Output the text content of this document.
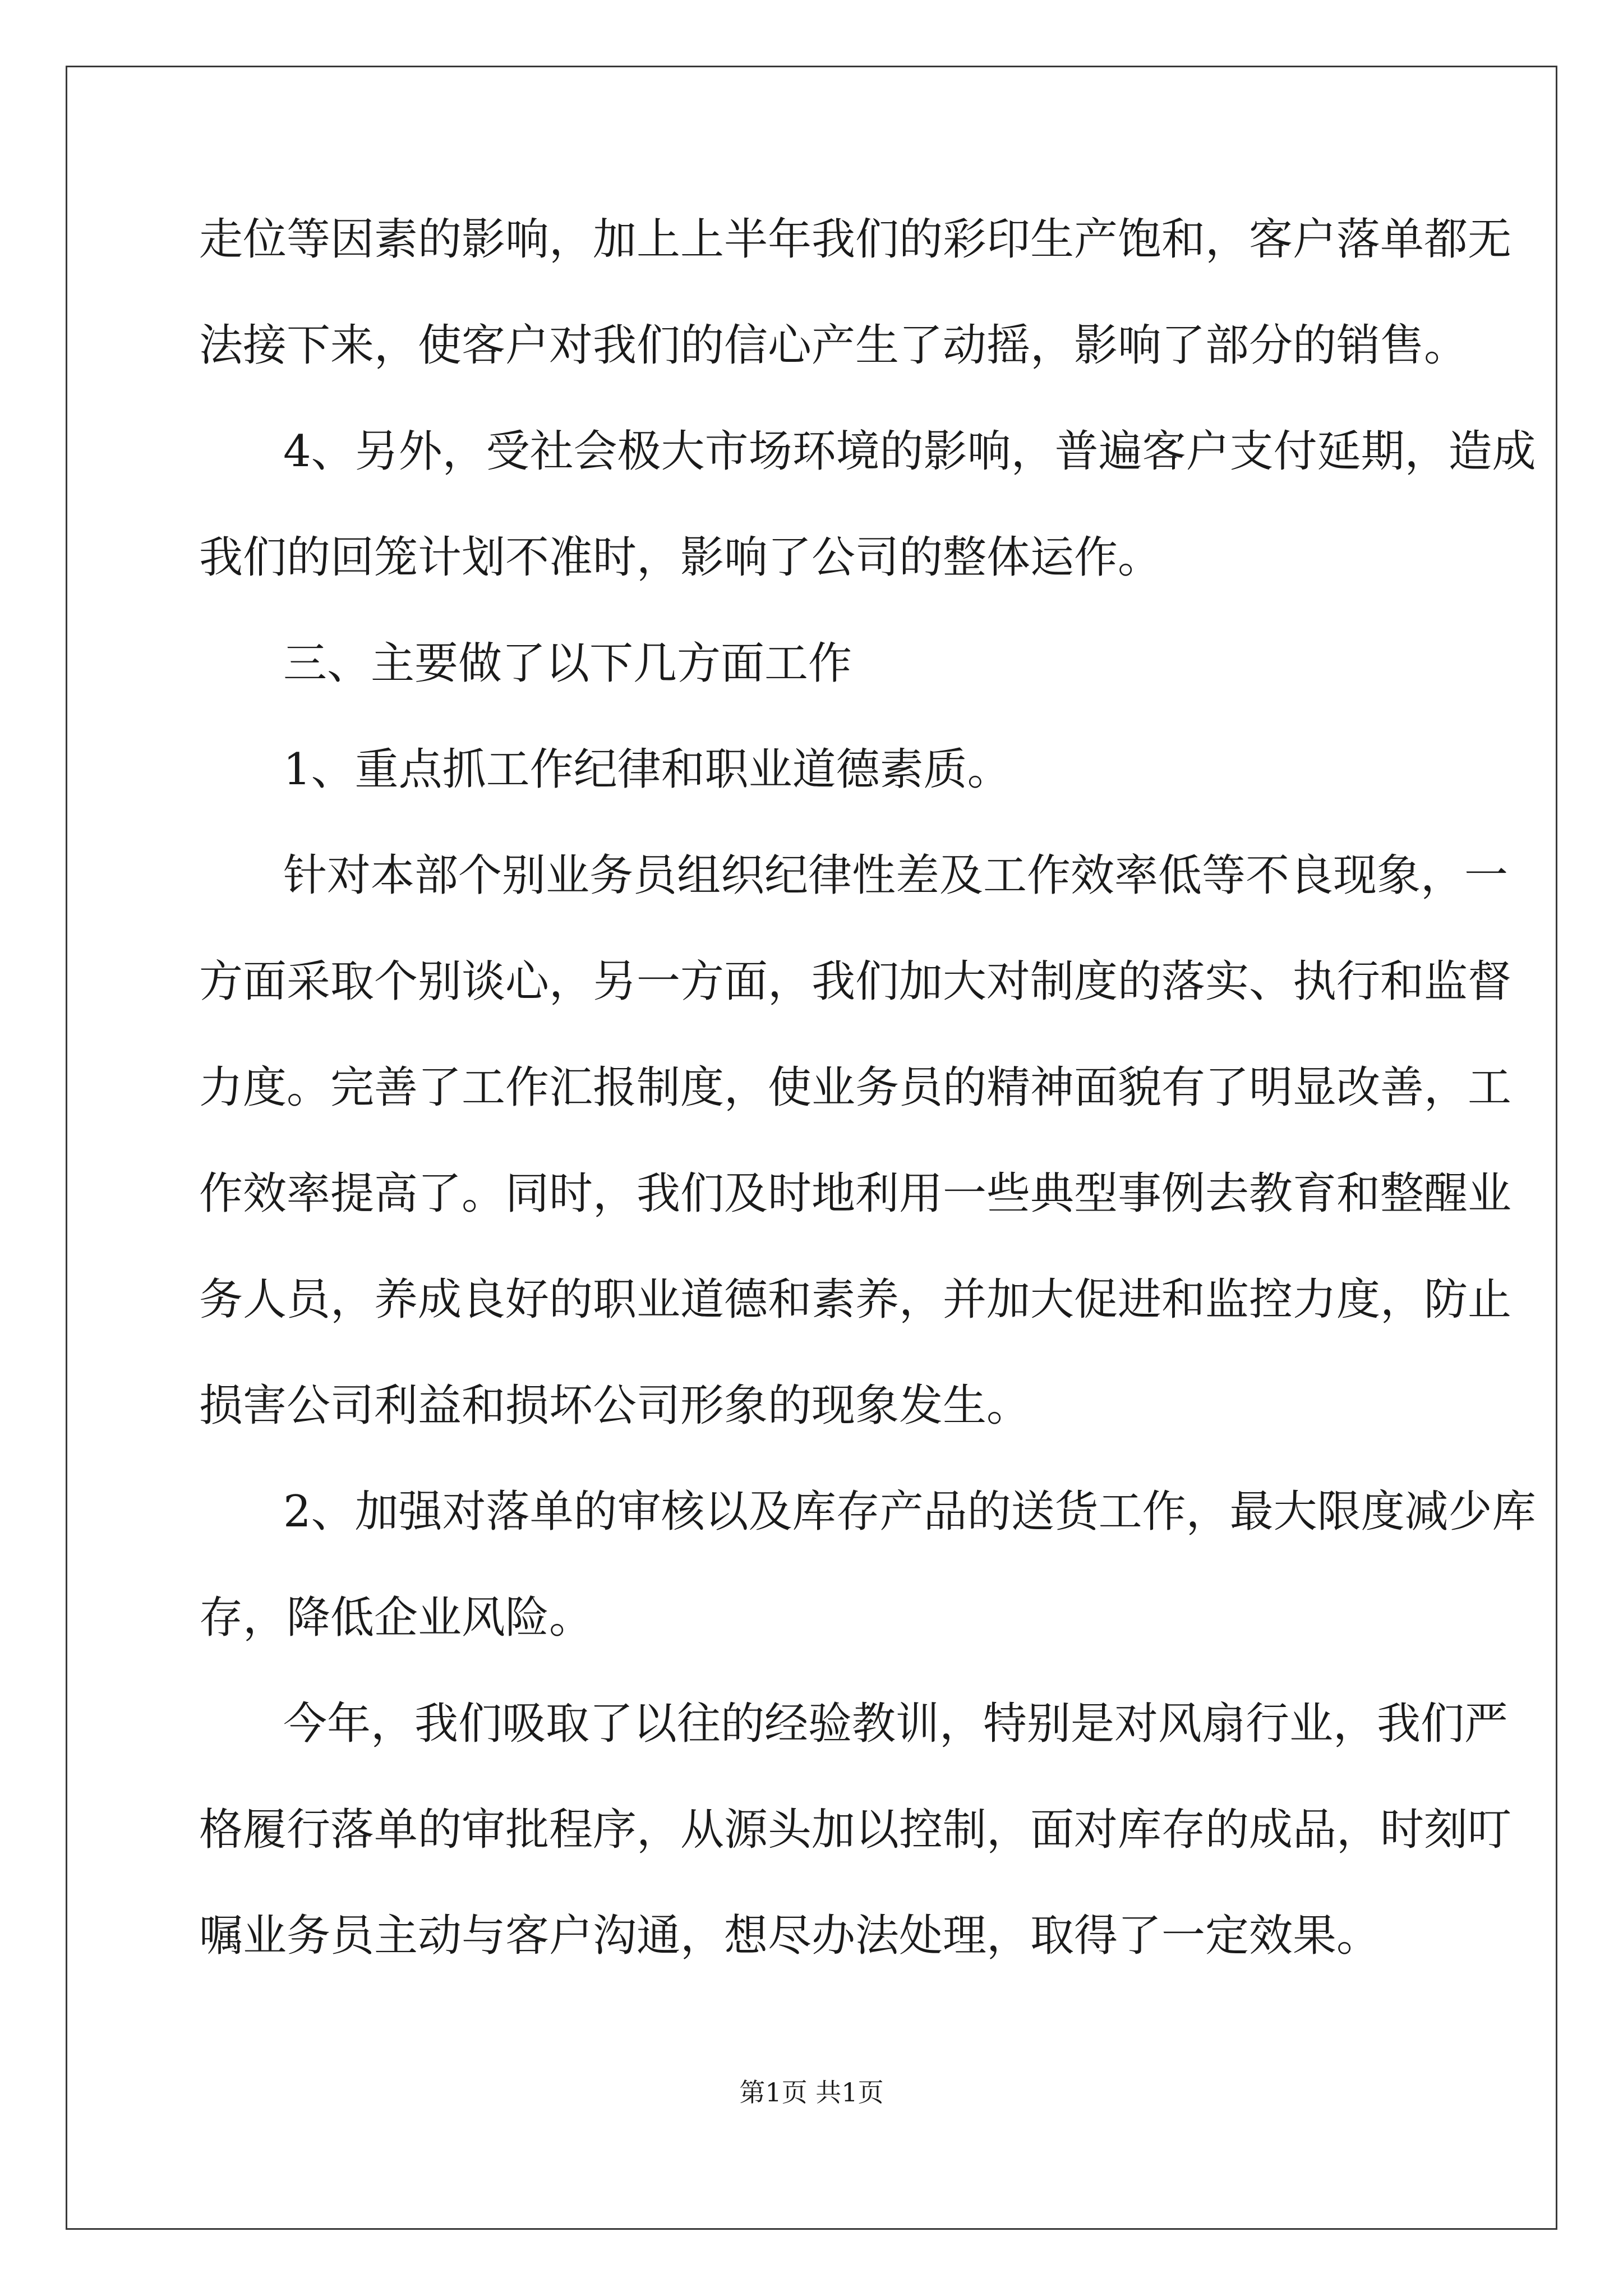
走位等因素的影响，加上上半年我们的彩印生产饱和，客户落单都无

法接下来，使客户对我们的信心产生了动摇，影响了部分的销售。

4、另外，受社会极大市场环境的影响，普遍客户支付延期，造成

我们的回笼计划不准时，影响了公司的整体运作。

三、主要做了以下几方面工作

1、重点抓工作纪律和职业道德素质。

针对本部个别业务员组织纪律性差及工作效率低等不良现象，一

方面采取个别谈心，另一方面，我们加大对制度的落实、执行和监督

力度。完善了工作汇报制度，使业务员的精神面貌有了明显改善，工

作效率提高了。同时，我们及时地利用一些典型事例去教育和整醒业

务人员，养成良好的职业道德和素养，并加大促进和监控力度，防止

损害公司利益和损坏公司形象的现象发生。

2、加强对落单的审核以及库存产品的送货工作，最大限度减少库

存，降低企业风险。

今年，我们吸取了以往的经验教训，特别是对风扇行业，我们严

格履行落单的审批程序，从源头加以控制，面对库存的成品，时刻叮

嘱业务员主动与客户沟通，想尽办法处理，取得了一定效果。

第1页 共1页
